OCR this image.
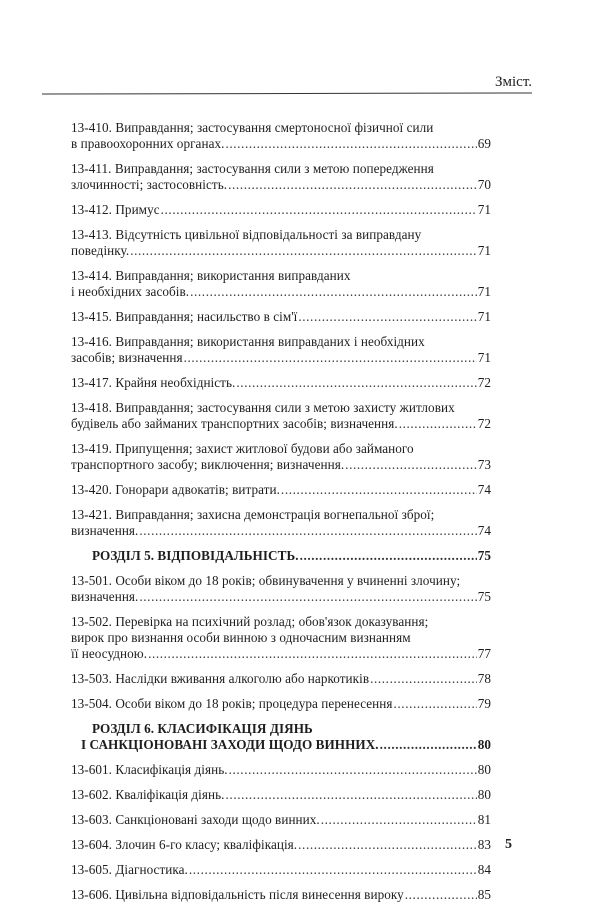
Зміст.
13-410. Виправдання; застосування смертоносної фізичної сили
в правоохоронних органах. .....	69
13-411. Виправдання; застосування сили з метою попередження
злочинності; застосовність. .....	70
13-412. Примус .....	71
13-413. Відсутність цивільної відповідальності за виправдану
поведінку. .....	71
13-414. Виправдання; використання виправданих
і необхідних засобів. .....	71
13-415. Виправдання; насильство в сім'ї .....	71
13-416. Виправдання; використання виправданих і необхідних
засобів; визначення .....	71
13-417. Крайня необхідність. .....	72
13-418. Виправдання; застосування сили з метою захисту житлових
будівель або займаних транспортних засобів; визначення. .....	72
13-419. Припущення; захист житлової будови або займаного
транспортного засобу; виключення; визначення. .....	73
13-420. Гонорари адвокатів; витрати. .....	74
13-421. Виправдання; захисна демонстрація вогнепальної зброї;
визначення. .....	74
РОЗДІЛ 5. ВІДПОВІДАЛЬНІСТЬ. .....	75
13-501. Особи віком до 18 років; обвинувачення у вчиненні злочину;
визначення. .....	75
13-502. Перевірка на психічний розлад; обов'язок доказування;
вирок про визнання особи винною з одночасним визнанням
її неосудною. .....	77
13-503. Наслідки вживання алкоголю або наркотиків .....	78
13-504. Особи віком до 18 років; процедура перенесення .....	79
РОЗДІЛ 6. КЛАСИФІКАЦІЯ ДІЯНЬ
І САНКЦІОНОВАНІ ЗАХОДИ ЩОДО ВИННИХ. .....	80
13-601. Класифікація діянь. .....	80
13-602. Кваліфікація діянь. .....	80
13-603. Санкціоновані заходи щодо винних. .....	81
13-604. Злочин 6-го класу; кваліфікація. .....	83
13-605. Діагностика. .....	84
13-606. Цивільна відповідальність після винесення вироку .....	85
5
